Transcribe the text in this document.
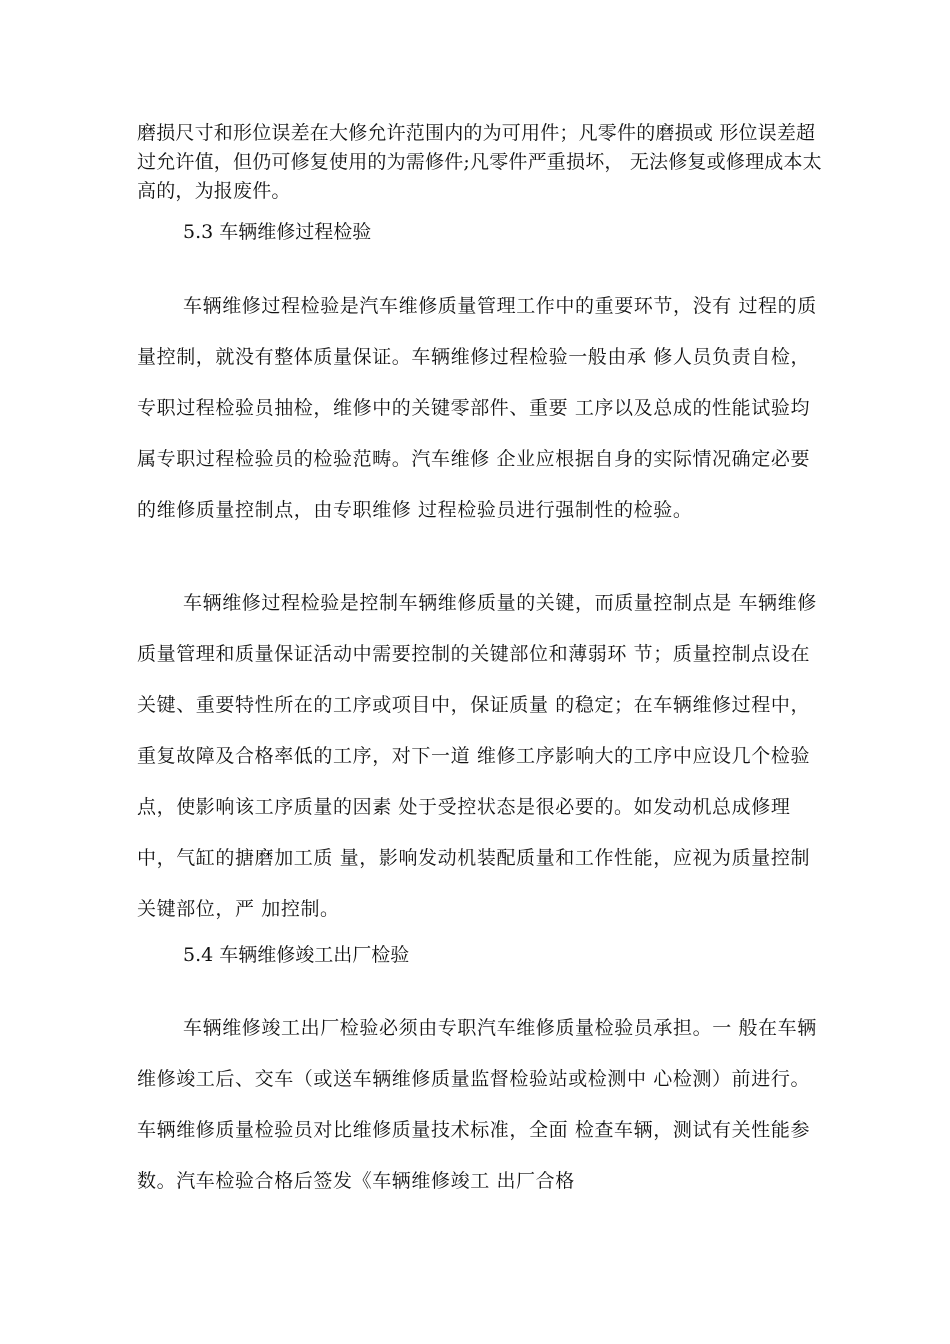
磨损尺寸和形位误差在大修允许范围内的为可用件；凡零件的磨损或 形位误差超过允许值，但仍可修复使用的为需修件;凡零件严重损坏， 无法修复或修理成本太高的，为报废件。

5.3 车辆维修过程检验

车辆维修过程检验是汽车维修质量管理工作中的重要环节，没有 过程的质量控制，就没有整体质量保证。车辆维修过程检验一般由承 修人员负责自检，专职过程检验员抽检，维修中的关键零部件、重要 工序以及总成的性能试验均属专职过程检验员的检验范畴。汽车维修 企业应根据自身的实际情况确定必要的维修质量控制点，由专职维修 过程检验员进行强制性的检验。

车辆维修过程检验是控制车辆维修质量的关键，而质量控制点是 车辆维修质量管理和质量保证活动中需要控制的关键部位和薄弱环 节；质量控制点设在关键、重要特性所在的工序或项目中，保证质量 的稳定；在车辆维修过程中，重复故障及合格率低的工序，对下一道 维修工序影响大的工序中应设几个检验点，使影响该工序质量的因素 处于受控状态是很必要的。如发动机总成修理中，气缸的搪磨加工质 量，影响发动机装配质量和工作性能，应视为质量控制关键部位，严 加控制。

5.4 车辆维修竣工出厂检验

车辆维修竣工出厂检验必须由专职汽车维修质量检验员承担。一 般在车辆维修竣工后、交车（或送车辆维修质量监督检验站或检测中 心检测）前进行。车辆维修质量检验员对比维修质量技术标准，全面 检查车辆，测试有关性能参数。汽车检验合格后签发《车辆维修竣工 出厂合格
